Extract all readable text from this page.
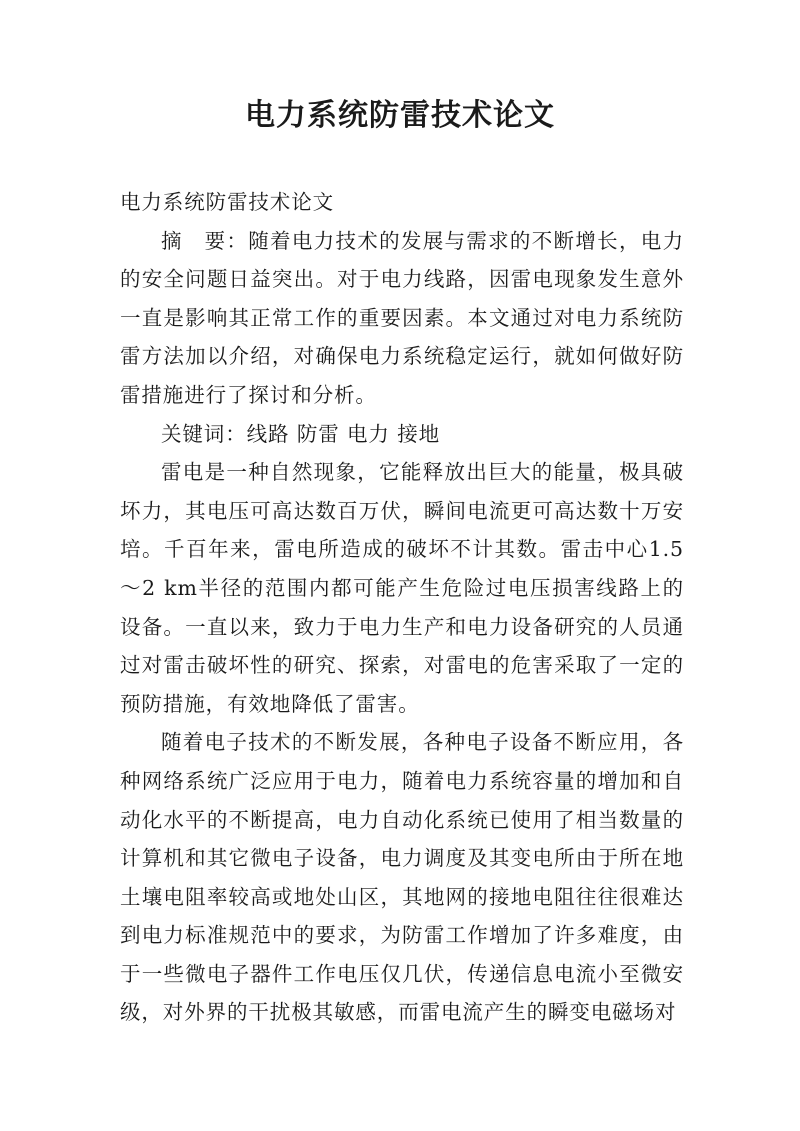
电力系统防雷技术论文

电力系统防雷技术论文

摘　要：随着电力技术的发展与需求的不断增长，电力的安全问题日益突出。对于电力线路，因雷电现象发生意外一直是影响其正常工作的重要因素。本文通过对电力系统防雷方法加以介绍，对确保电力系统稳定运行，就如何做好防雷措施进行了探讨和分析。

关键词：线路 防雷 电力 接地

雷电是一种自然现象，它能释放出巨大的能量，极具破坏力，其电压可高达数百万伏，瞬间电流更可高达数十万安培。千百年来，雷电所造成的破坏不计其数。雷击中心1.5～2 km半径的范围内都可能产生危险过电压损害线路上的设备。一直以来，致力于电力生产和电力设备研究的人员通过对雷击破坏性的研究、探索，对雷电的危害采取了一定的预防措施，有效地降低了雷害。

随着电子技术的不断发展，各种电子设备不断应用，各种网络系统广泛应用于电力，随着电力系统容量的增加和自动化水平的不断提高，电力自动化系统已使用了相当数量的计算机和其它微电子设备，电力调度及其变电所由于所在地土壤电阻率较高或地处山区，其地网的接地电阻往往很难达到电力标准规范中的要求，为防雷工作增加了许多难度，由于一些微电子器件工作电压仅几伏，传递信息电流小至微安级，对外界的干扰极其敏感，而雷电流产生的瞬变电磁场对
